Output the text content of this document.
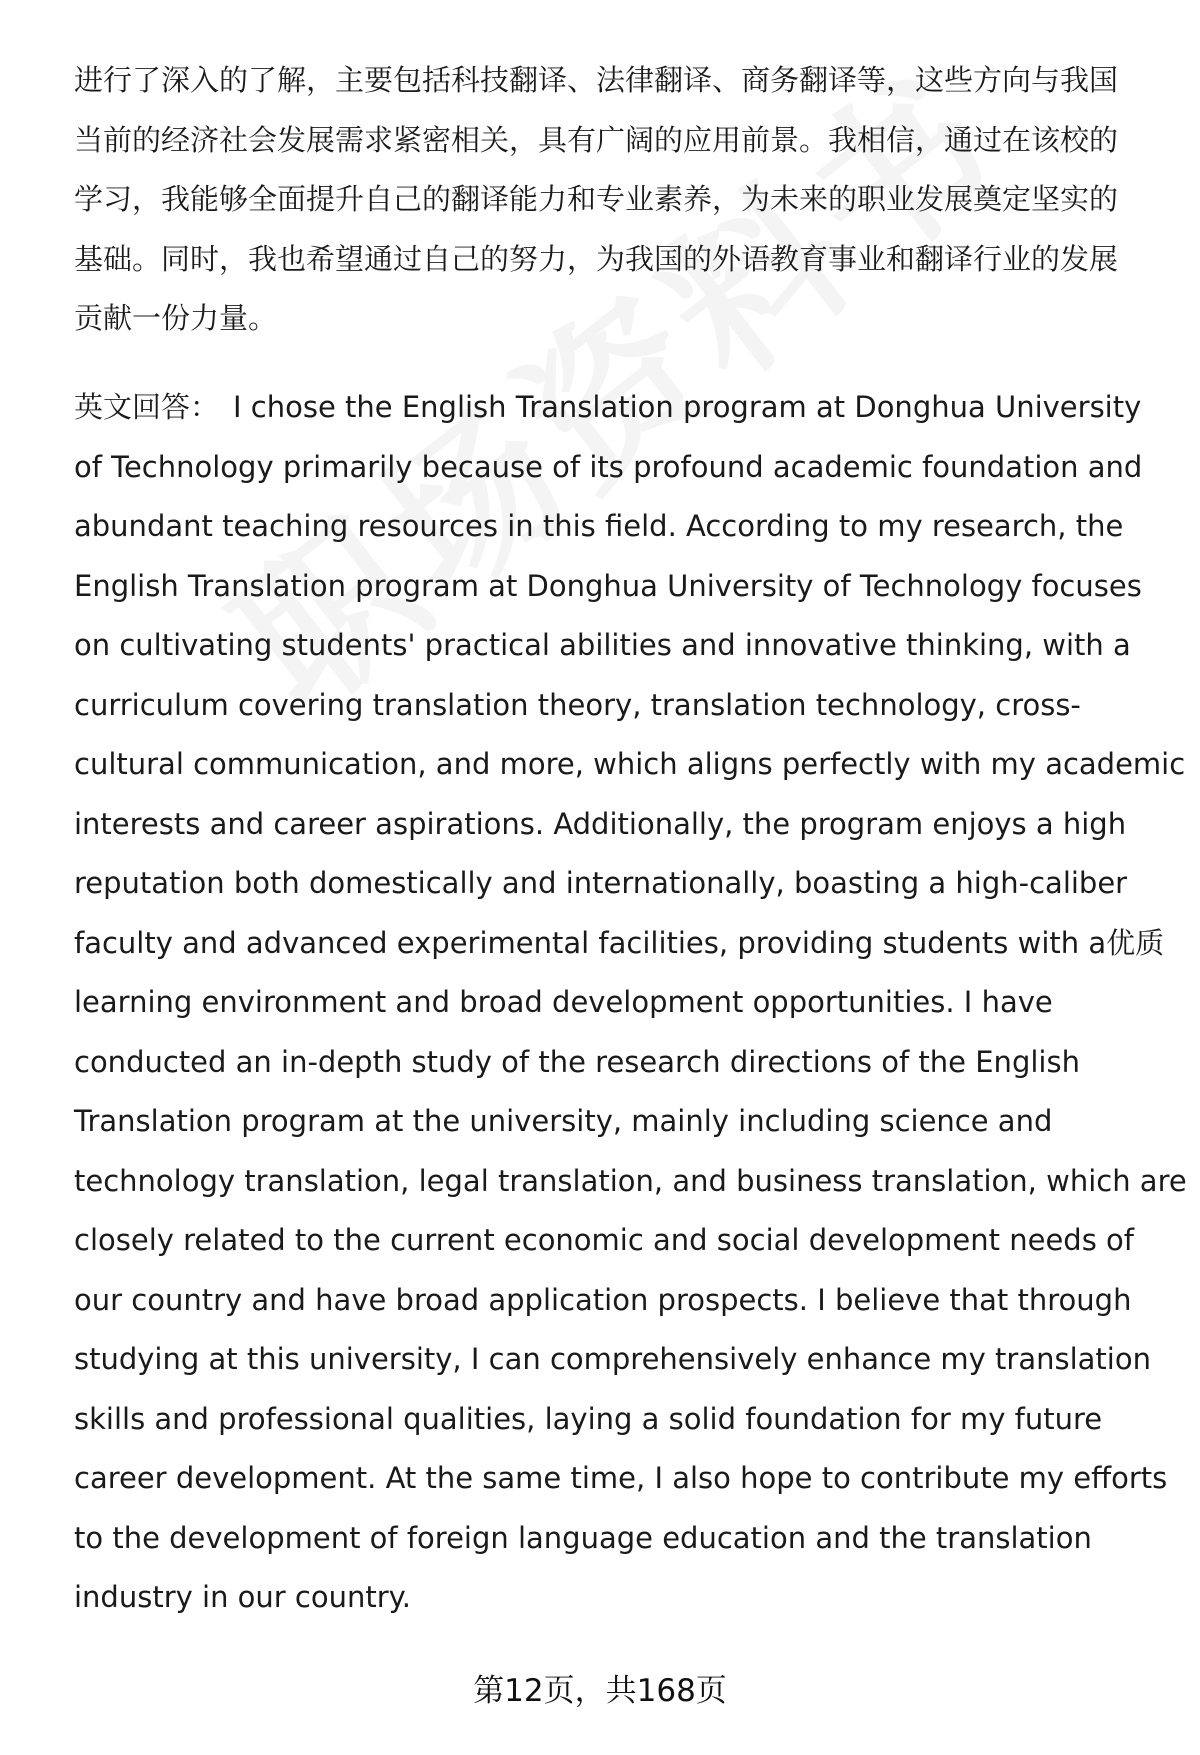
进行了深入的了解，主要包括科技翻译、法律翻译、商务翻译等，这些方向与我国
当前的经济社会发展需求紧密相关，具有广阔的应用前景。我相信，通过在该校的
学习，我能够全面提升自己的翻译能力和专业素养，为未来的职业发展奠定坚实的
基础。同时，我也希望通过自己的努力，为我国的外语教育事业和翻译行业的发展
贡献一份力量。
英文回答： I chose the English Translation program at Donghua University
of Technology primarily because of its profound academic foundation and
abundant teaching resources in this field. According to my research, the
English Translation program at Donghua University of Technology focuses
on cultivating students' practical abilities and innovative thinking, with a
curriculum covering translation theory, translation technology, cross-
cultural communication, and more, which aligns perfectly with my academic
interests and career aspirations. Additionally, the program enjoys a high
reputation both domestically and internationally, boasting a high-caliber
faculty and advanced experimental facilities, providing students with a优质
learning environment and broad development opportunities. I have
conducted an in-depth study of the research directions of the English
Translation program at the university, mainly including science and
technology translation, legal translation, and business translation, which are
closely related to the current economic and social development needs of
our country and have broad application prospects. I believe that through
studying at this university, I can comprehensively enhance my translation
skills and professional qualities, laying a solid foundation for my future
career development. At the same time, I also hope to contribute my efforts
to the development of foreign language education and the translation
industry in our country.
第12页，共168页
